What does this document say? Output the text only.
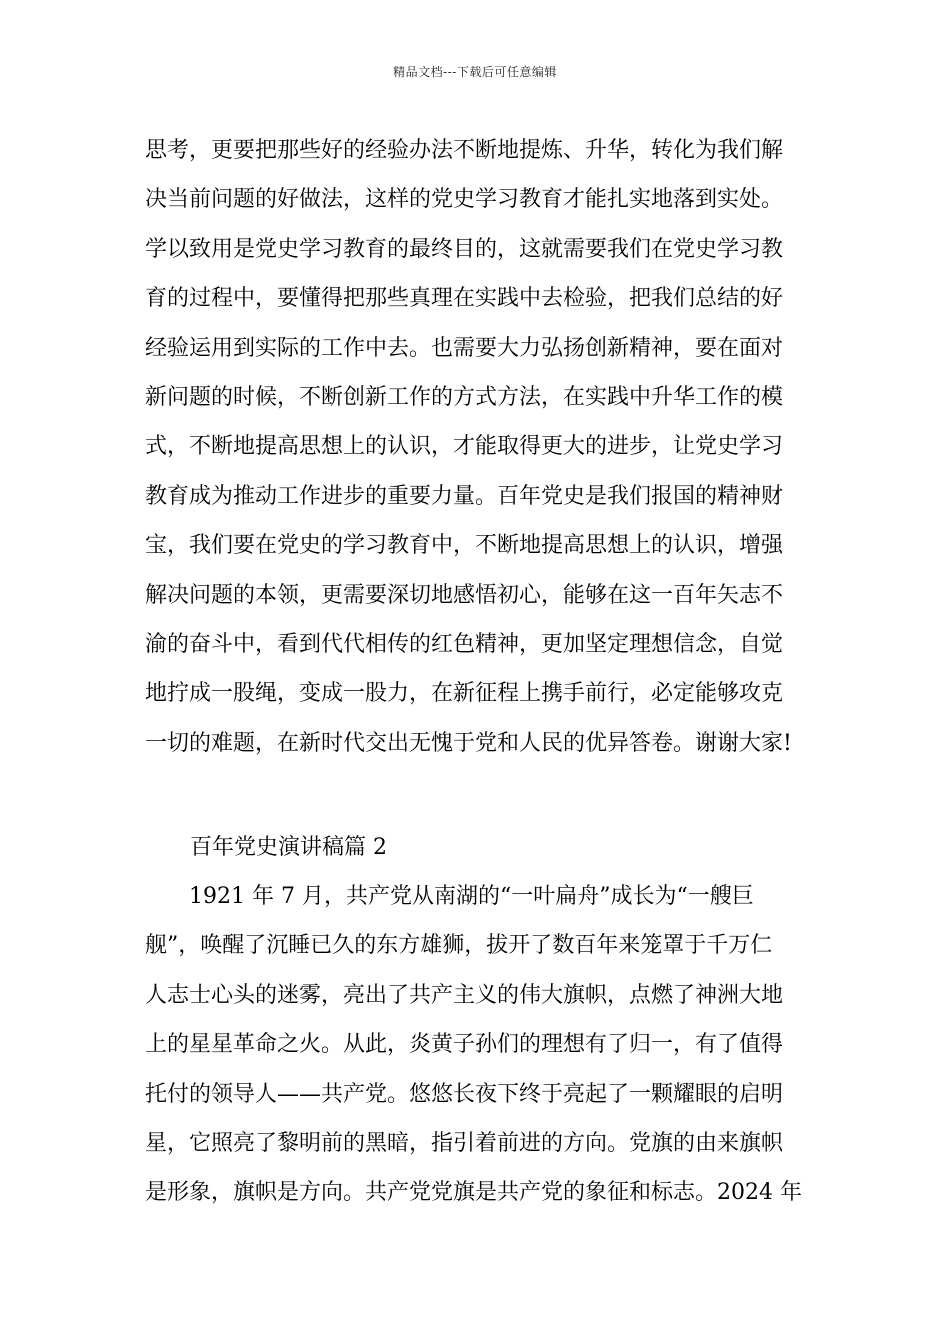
精品文档---下载后可任意编辑
思考，更要把那些好的经验办法不断地提炼、升华，转化为我们解
决当前问题的好做法，这样的党史学习教育才能扎实地落到实处。
学以致用是党史学习教育的最终目的，这就需要我们在党史学习教
育的过程中，要懂得把那些真理在实践中去检验，把我们总结的好
经验运用到实际的工作中去。也需要大力弘扬创新精神，要在面对
新问题的时候，不断创新工作的方式方法，在实践中升华工作的模
式，不断地提高思想上的认识，才能取得更大的进步，让党史学习
教育成为推动工作进步的重要力量。百年党史是我们报国的精神财
宝，我们要在党史的学习教育中，不断地提高思想上的认识，增强
解决问题的本领，更需要深切地感悟初心，能够在这一百年矢志不
渝的奋斗中，看到代代相传的红色精神，更加坚定理想信念，自觉
地拧成一股绳，变成一股力，在新征程上携手前行，必定能够攻克
一切的难题，在新时代交出无愧于党和人民的优异答卷。谢谢大家!
百年党史演讲稿篇 2
　　1921 年 7 月，共产党从南湖的“一叶扁舟”成长为“一艘巨
舰”，唤醒了沉睡已久的东方雄狮，拔开了数百年来笼罩于千万仁
人志士心头的迷雾，亮出了共产主义的伟大旗帜，点燃了神洲大地
上的星星革命之火。从此，炎黄子孙们的理想有了归一，有了值得
托付的领导人——共产党。悠悠长夜下终于亮起了一颗耀眼的启明
星，它照亮了黎明前的黑暗，指引着前进的方向。党旗的由来旗帜
是形象，旗帜是方向。共产党党旗是共产党的象征和标志。2024 年
